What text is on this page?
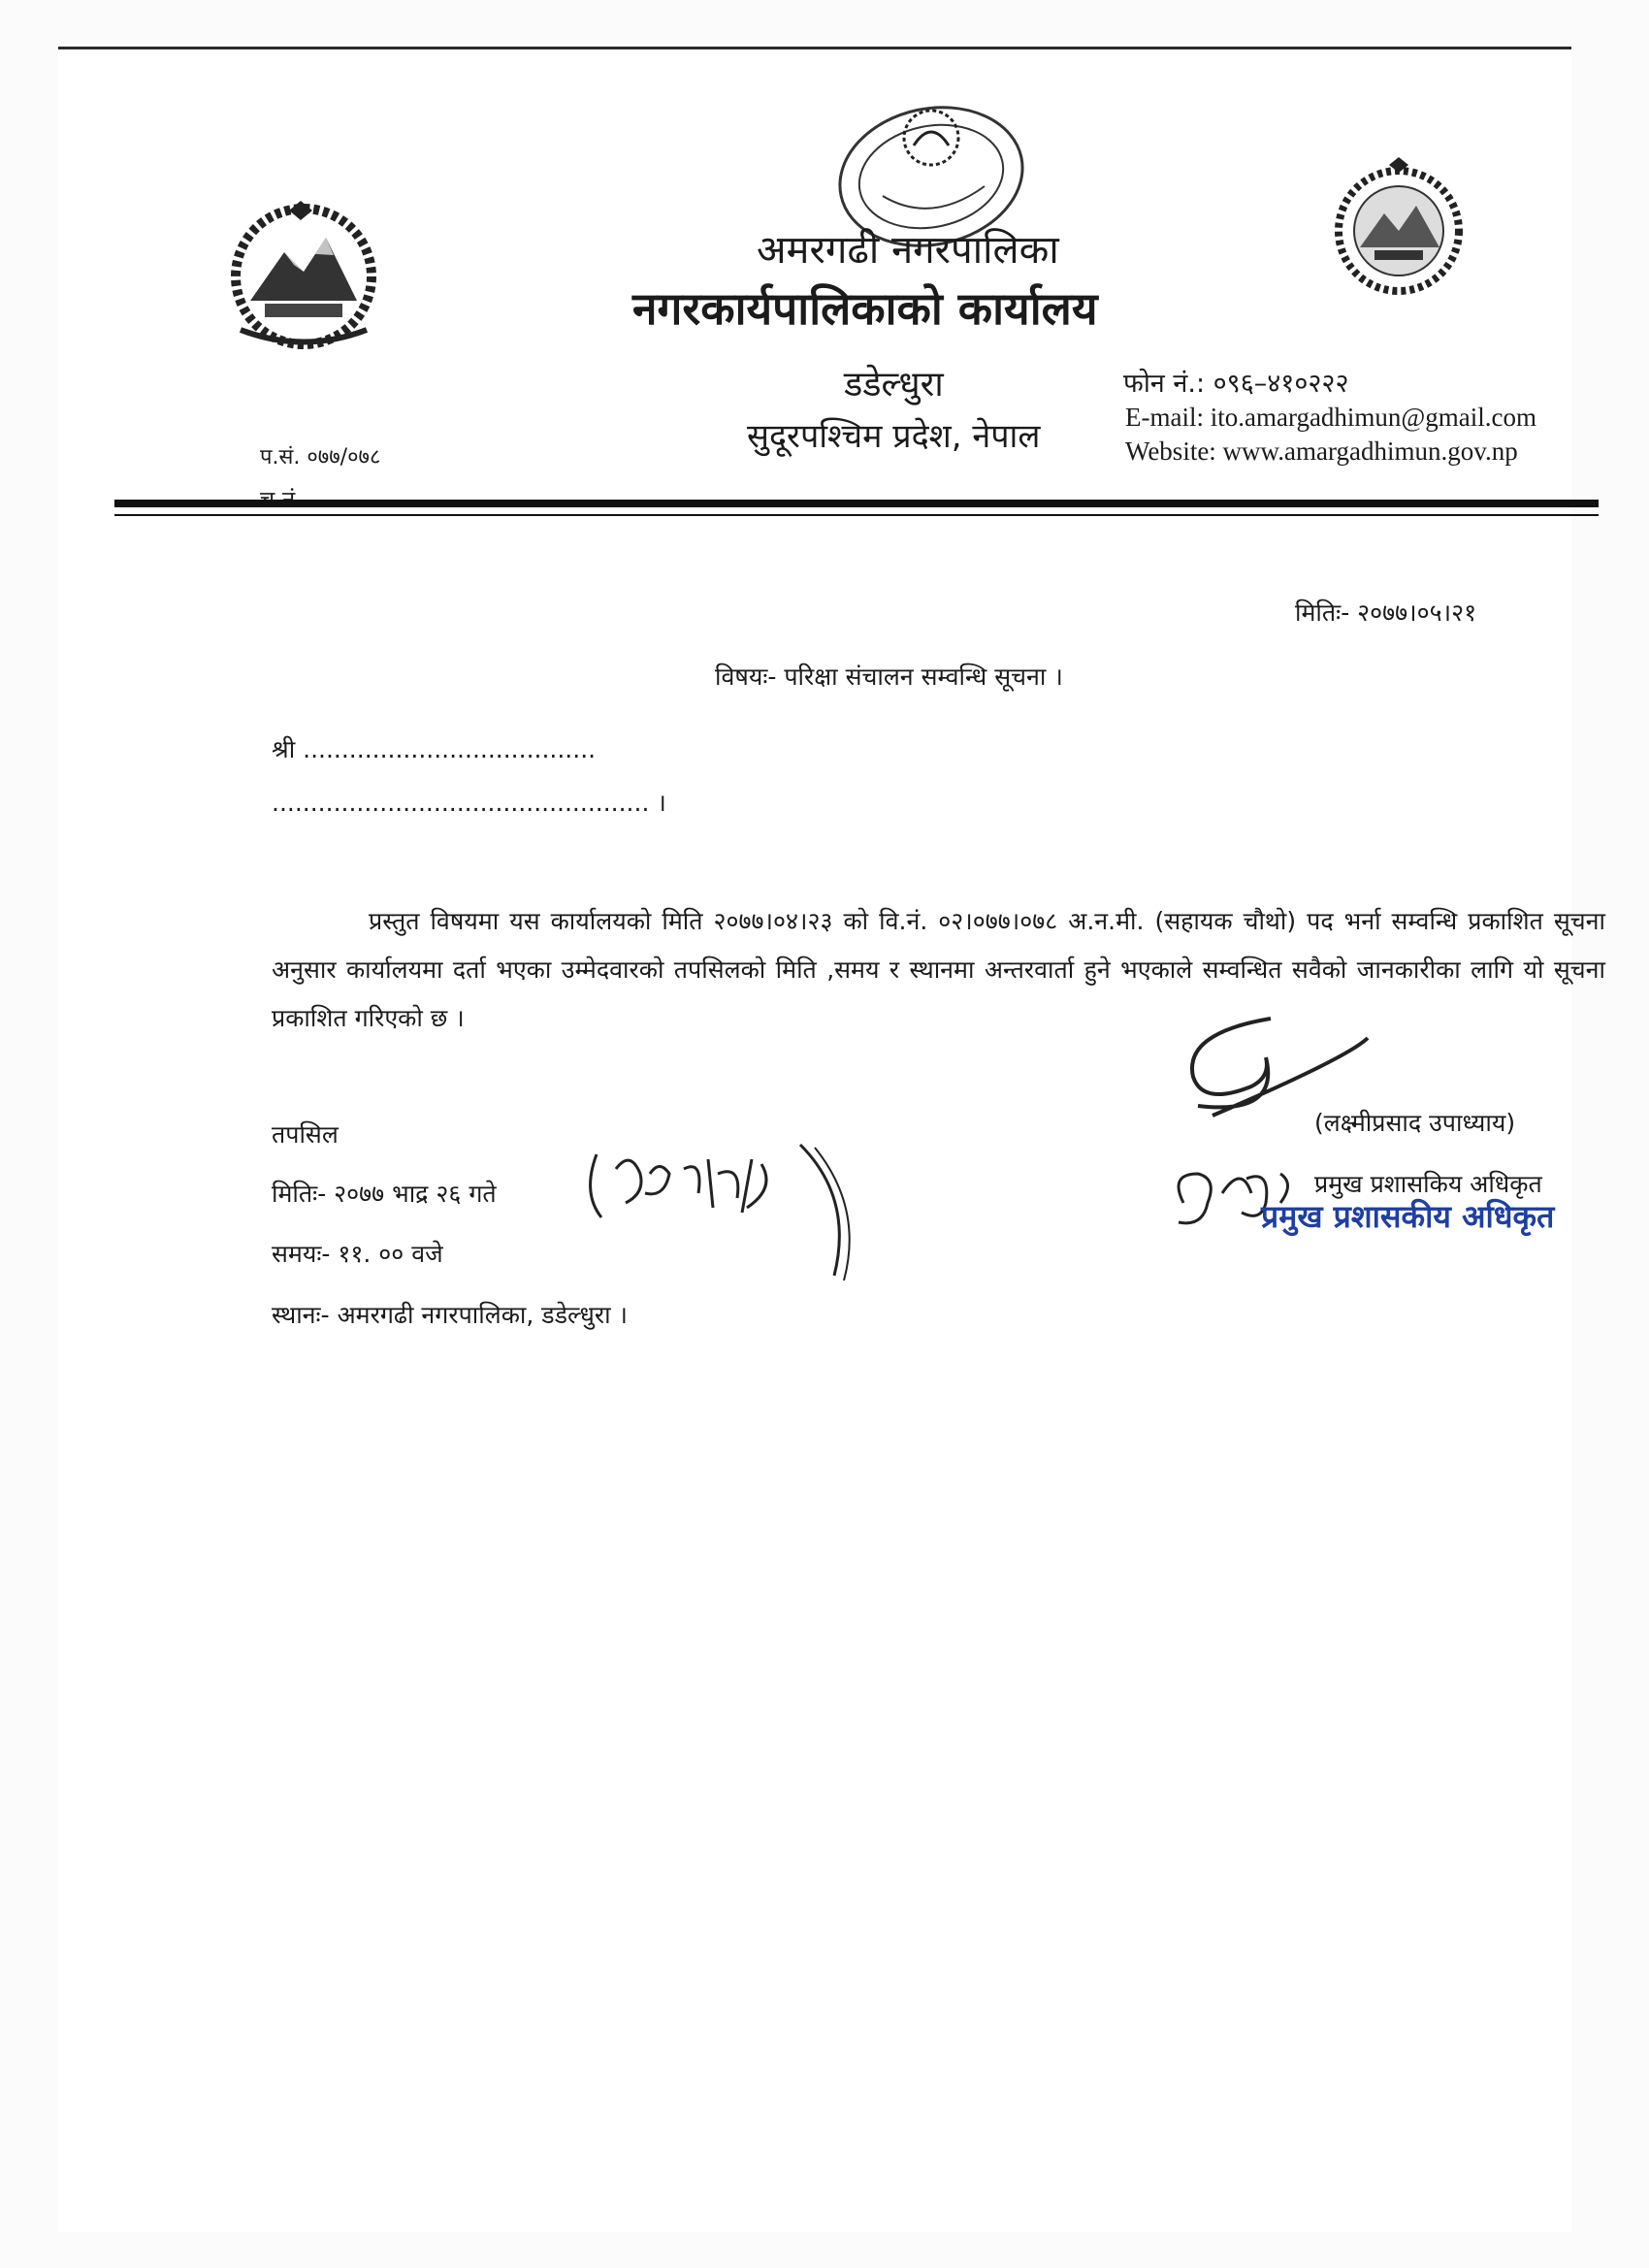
अमरगढी नगरपालिका
नगरकार्यपालिकाको कार्यालय
डडेल्धुरा
सुदूरपश्चिम प्रदेश, नेपाल
फोन नं.: ०९६–४१०२२२
E-mail: ito.amargadhimun@gmail.com
Website: www.amargadhimun.gov.np
प.सं. ०७७/०७८
मितिः- २०७७।०५।२१
विषयः- परिक्षा संचालन सम्वन्धि सूचना ।
श्री ......................................
................................................. ।
प्रस्तुत विषयमा यस कार्यालयको मिति २०७७।०४।२३ को वि.नं. ०२।०७७।०७८ अ.न.मी. (सहायक चौथो) पद भर्ना सम्वन्धि प्रकाशित सूचना अनुसार कार्यालयमा दर्ता भएका उम्मेदवारको तपसिलको मिति ,समय र स्थानमा अन्तरवार्ता हुने भएकाले सम्वन्धित सवैको जानकारीका लागि यो सूचना प्रकाशित गरिएको छ ।
तपसिल
मितिः- २०७७ भाद्र २६ गते
समयः- ११. ०० वजे
स्थानः- अमरगढी नगरपालिका, डडेल्धुरा ।
(लक्ष्मीप्रसाद उपाध्याय)
प्रमुख प्रशासकिय अधिकृत
प्रमुख प्रशासकीय अधिकृत
